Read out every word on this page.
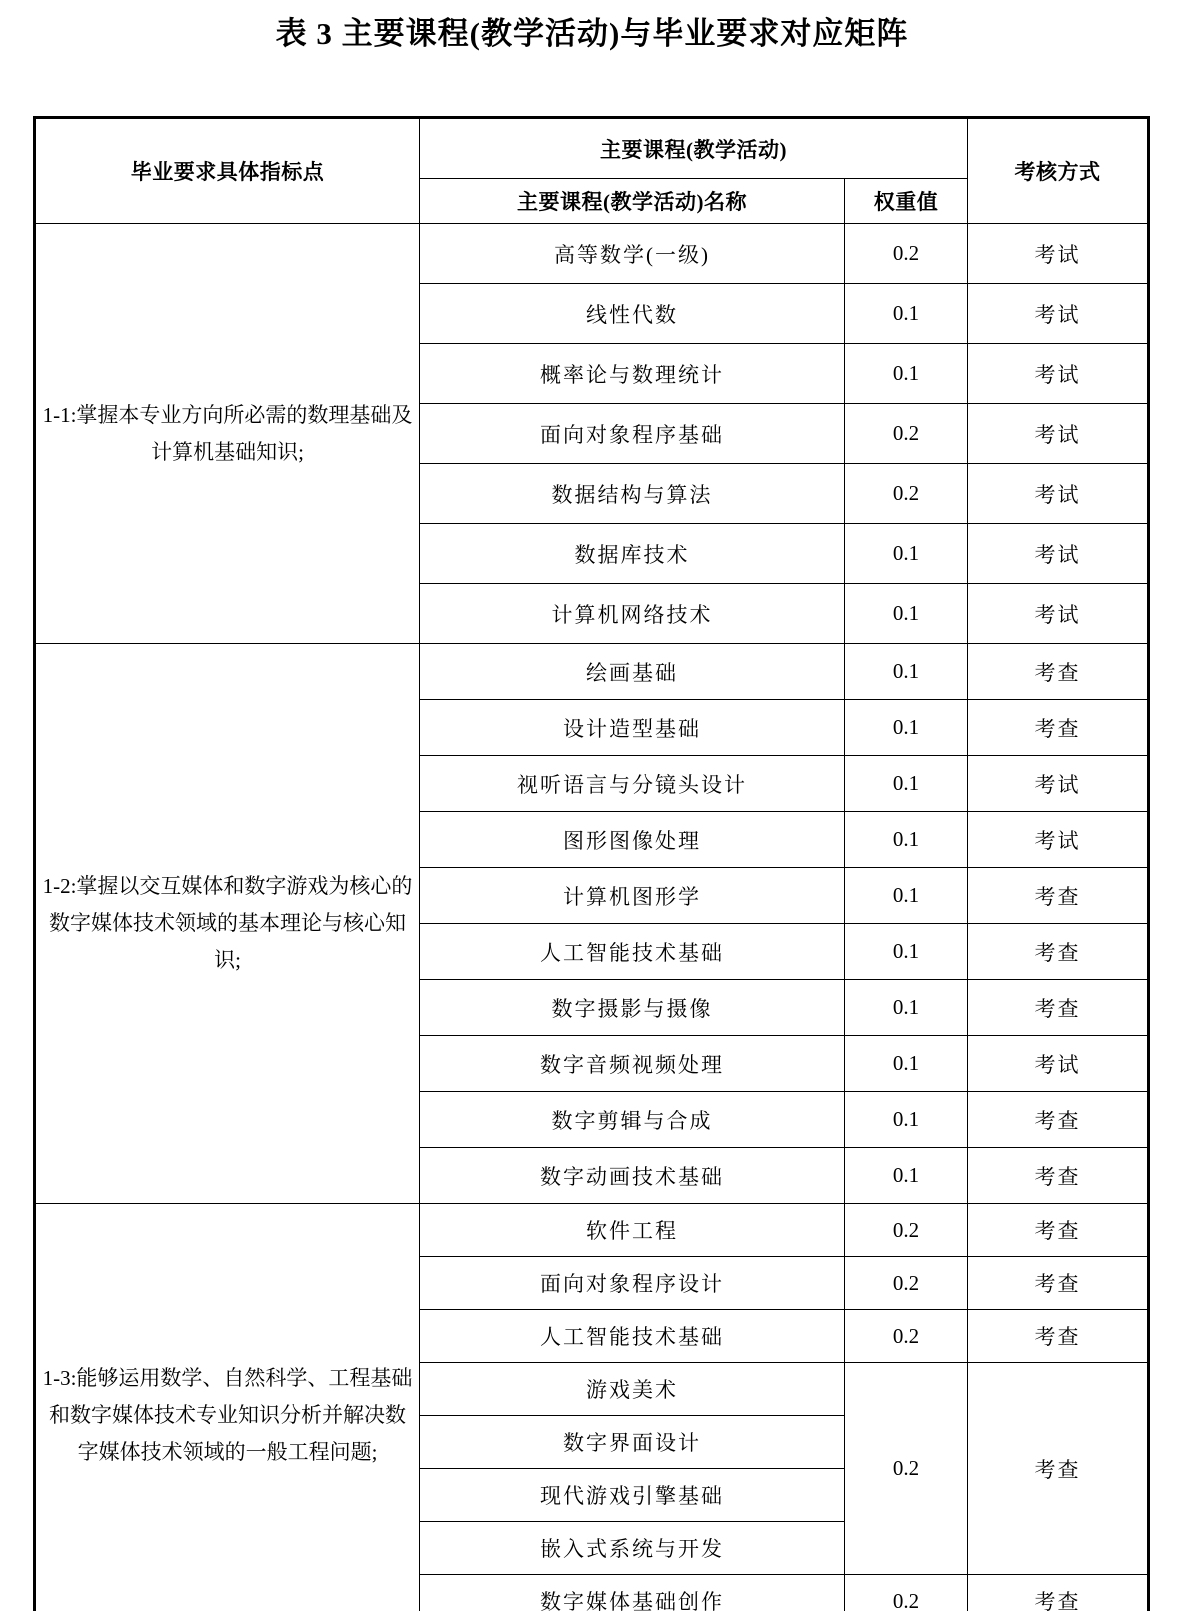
表 3 主要课程(教学活动)与毕业要求对应矩阵
毕业要求具体指标点	主要课程(教学活动)		考核方式
	主要课程(教学活动)名称	权重值	
1-1:掌握本专业方向所必需的数理基础及计算机基础知识;	高等数学(一级)	0.2	考试
	线性代数	0.1	考试
	概率论与数理统计	0.1	考试
	面向对象程序基础	0.2	考试
	数据结构与算法	0.2	考试
	数据库技术	0.1	考试
	计算机网络技术	0.1	考试
1-2:掌握以交互媒体和数字游戏为核心的数字媒体技术领域的基本理论与核心知识;	绘画基础	0.1	考查
	设计造型基础	0.1	考查
	视听语言与分镜头设计	0.1	考试
	图形图像处理	0.1	考试
	计算机图形学	0.1	考查
	人工智能技术基础	0.1	考查
	数字摄影与摄像	0.1	考查
	数字音频视频处理	0.1	考试
	数字剪辑与合成	0.1	考查
	数字动画技术基础	0.1	考查
1-3:能够运用数学、自然科学、工程基础和数字媒体技术专业知识分析并解决数字媒体技术领域的一般工程问题;	软件工程	0.2	考查
	面向对象程序设计	0.2	考查
	人工智能技术基础	0.2	考查
	游戏美术	0.2	考查
	数字界面设计		
	现代游戏引擎基础		
	嵌入式系统与开发		
	数字媒体基础创作	0.2	考查
